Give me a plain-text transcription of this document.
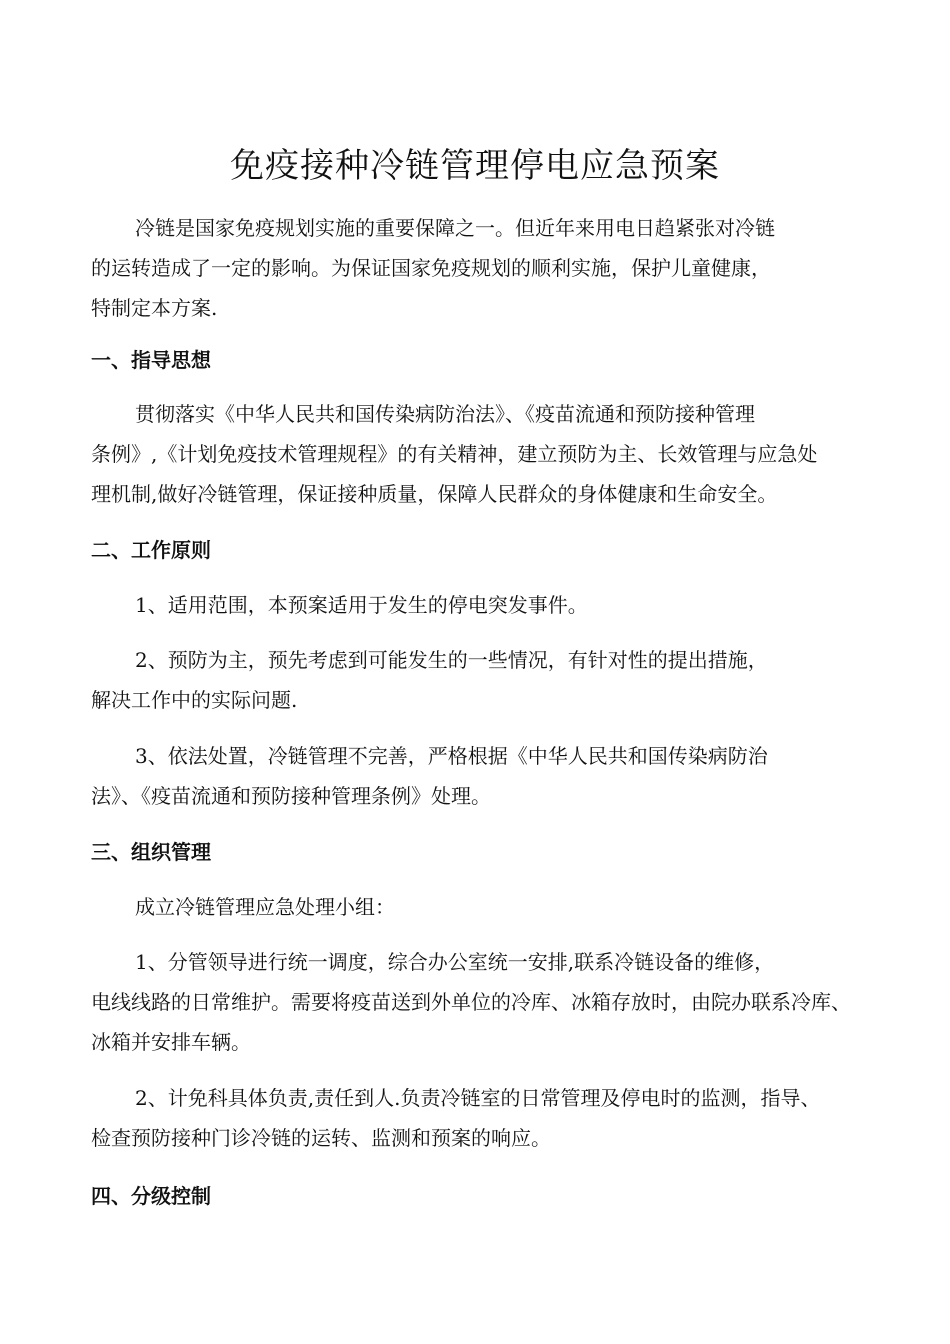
免疫接种冷链管理停电应急预案

冷链是国家免疫规划实施的重要保障之一。但近年来用电日趋紧张对冷链
的运转造成了一定的影响。为保证国家免疫规划的顺利实施，保护儿童健康，
特制定本方案.

一、指导思想

贯彻落实《中华人民共和国传染病防治法》、《疫苗流通和预防接种管理
条例》,《计划免疫技术管理规程》的有关精神，建立预防为主、长效管理与应急处
理机制,做好冷链管理，保证接种质量，保障人民群众的身体健康和生命安全。

二、工作原则

1、适用范围，本预案适用于发生的停电突发事件。

2、预防为主，预先考虑到可能发生的一些情况，有针对性的提出措施，
解决工作中的实际问题.

3、依法处置，冷链管理不完善，严格根据《中华人民共和国传染病防治
法》、《疫苗流通和预防接种管理条例》处理。

三、组织管理

成立冷链管理应急处理小组：

1、分管领导进行统一调度，综合办公室统一安排,联系冷链设备的维修，
电线线路的日常维护。需要将疫苗送到外单位的冷库、冰箱存放时，由院办联系冷库、
冰箱并安排车辆。

2、计免科具体负责,责任到人.负责冷链室的日常管理及停电时的监测，指导、
检查预防接种门诊冷链的运转、监测和预案的响应。

四、分级控制
